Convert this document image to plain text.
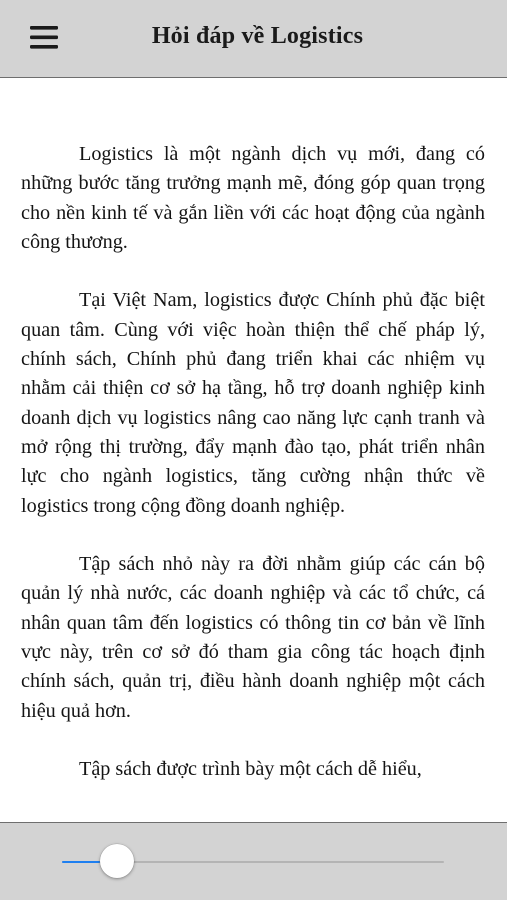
Hỏi đáp về Logistics

Logistics là một ngành dịch vụ mới, đang có những bước tăng trưởng mạnh mẽ, đóng góp quan trọng cho nền kinh tế và gắn liền với các hoạt động của ngành công thương.

Tại Việt Nam, logistics được Chính phủ đặc biệt quan tâm. Cùng với việc hoàn thiện thể chế pháp lý, chính sách, Chính phủ đang triển khai các nhiệm vụ nhằm cải thiện cơ sở hạ tầng, hỗ trợ doanh nghiệp kinh doanh dịch vụ logistics nâng cao năng lực cạnh tranh và mở rộng thị trường, đẩy mạnh đào tạo, phát triển nhân lực cho ngành logistics, tăng cường nhận thức về logistics trong cộng đồng doanh nghiệp.

Tập sách nhỏ này ra đời nhằm giúp các cán bộ quản lý nhà nước, các doanh nghiệp và các tổ chức, cá nhân quan tâm đến logistics có thông tin cơ bản về lĩnh vực này, trên cơ sở đó tham gia công tác hoạch định chính sách, quản trị, điều hành doanh nghiệp một cách hiệu quả hơn.

Tập sách được trình bày một cách dễ hiểu,
